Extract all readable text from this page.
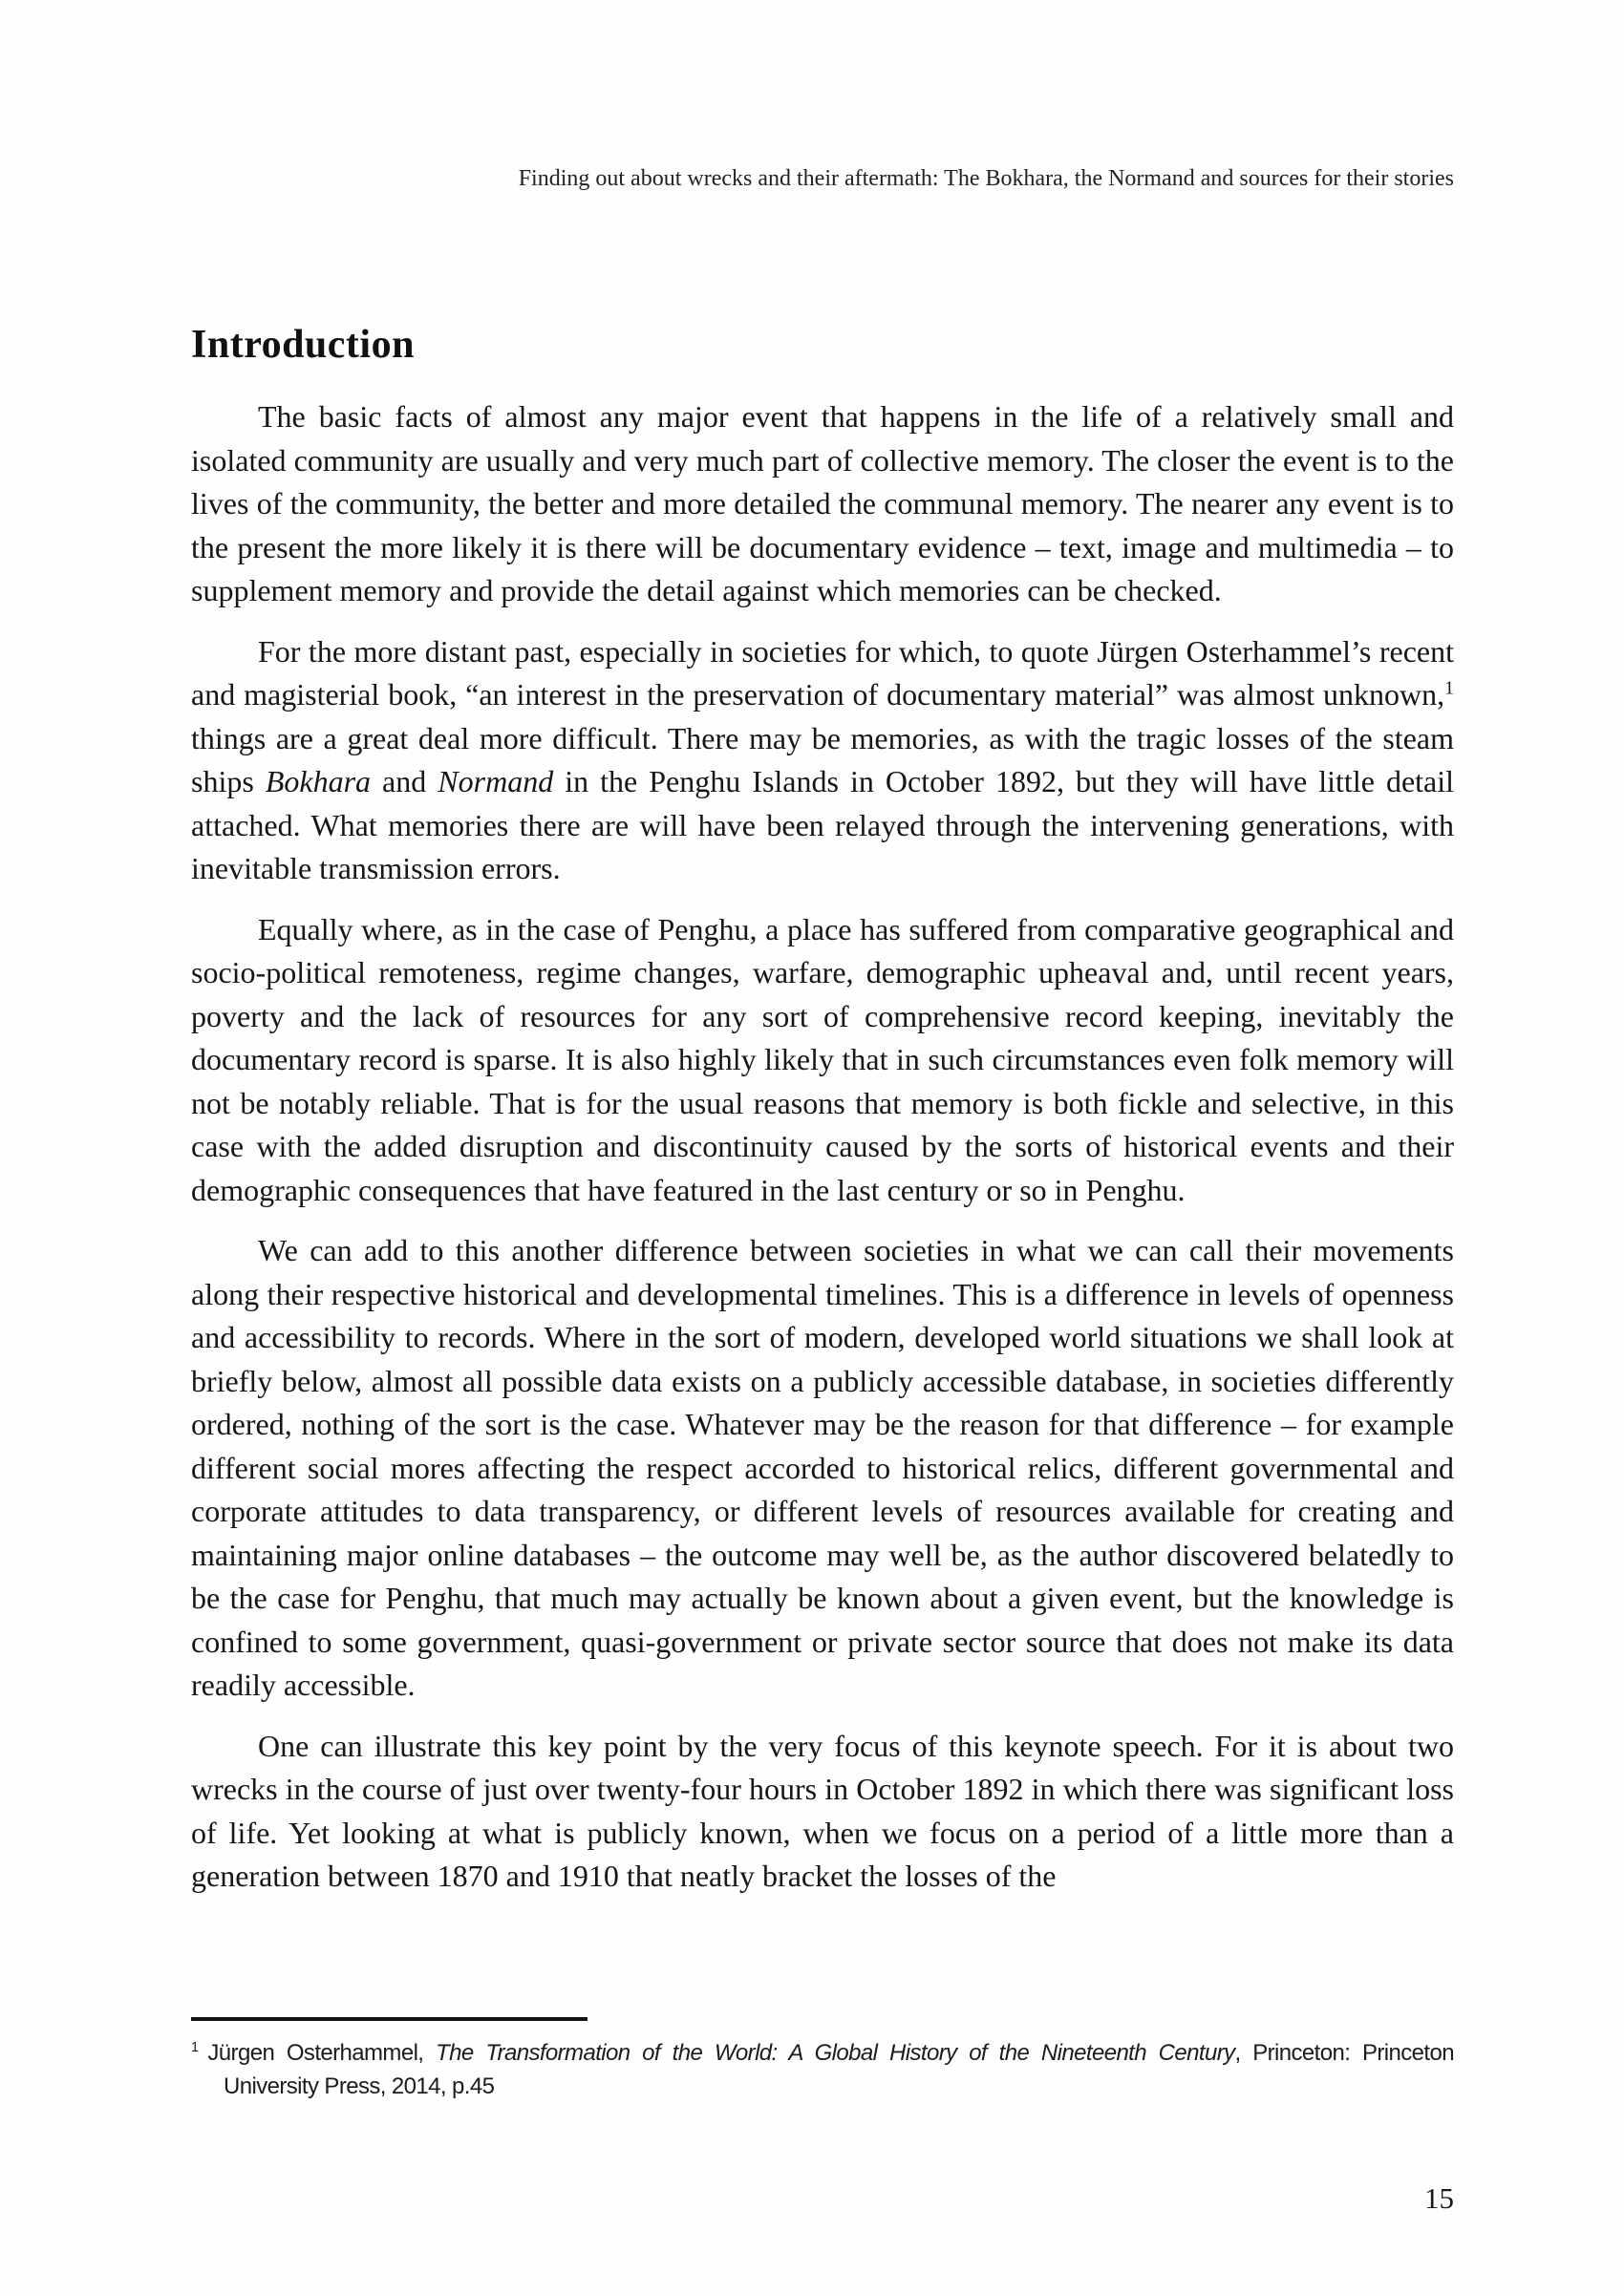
Finding out about wrecks and their aftermath: The Bokhara, the Normand and sources for their stories
Introduction

The basic facts of almost any major event that happens in the life of a relatively small and isolated community are usually and very much part of collective memory. The closer the event is to the lives of the community, the better and more detailed the communal memory. The nearer any event is to the present the more likely it is there will be documentary evidence – text, image and multimedia – to supplement memory and provide the detail against which memories can be checked.

For the more distant past, especially in societies for which, to quote Jürgen Osterhammel’s recent and magisterial book, “an interest in the preservation of documentary material” was almost unknown,$^1$ things are a great deal more difficult. There may be memories, as with the tragic losses of the steam ships Bokhara and Normand in the Penghu Islands in October 1892, but they will have little detail attached. What memories there are will have been relayed through the intervening generations, with inevitable transmission errors.

Equally where, as in the case of Penghu, a place has suffered from comparative geographical and socio-political remoteness, regime changes, warfare, demographic upheaval and, until recent years, poverty and the lack of resources for any sort of comprehensive record keeping, inevitably the documentary record is sparse. It is also highly likely that in such circumstances even folk memory will not be notably reliable. That is for the usual reasons that memory is both fickle and selective, in this case with the added disruption and discontinuity caused by the sorts of historical events and their demographic consequences that have featured in the last century or so in Penghu.

We can add to this another difference between societies in what we can call their movements along their respective historical and developmental timelines. This is a difference in levels of openness and accessibility to records. Where in the sort of modern, developed world situations we shall look at briefly below, almost all possible data exists on a publicly accessible database, in societies differently ordered, nothing of the sort is the case. Whatever may be the reason for that difference – for example different social mores affecting the respect accorded to historical relics, different governmental and corporate attitudes to data transparency, or different levels of resources available for creating and maintaining major online databases – the outcome may well be, as the author discovered belatedly to be the case for Penghu, that much may actually be known about a given event, but the knowledge is confined to some government, quasi-government or private sector source that does not make its data readily accessible.

One can illustrate this key point by the very focus of this keynote speech. For it is about two wrecks in the course of just over twenty-four hours in October 1892 in which there was significant loss of life. Yet looking at what is publicly known, when we focus on a period of a little more than a generation between 1870 and 1910 that neatly bracket the losses of the

$^1$ Jürgen Osterhammel, The Transformation of the World: A Global History of the Nineteenth Century, Princeton: Princeton University Press, 2014, p.45

15
